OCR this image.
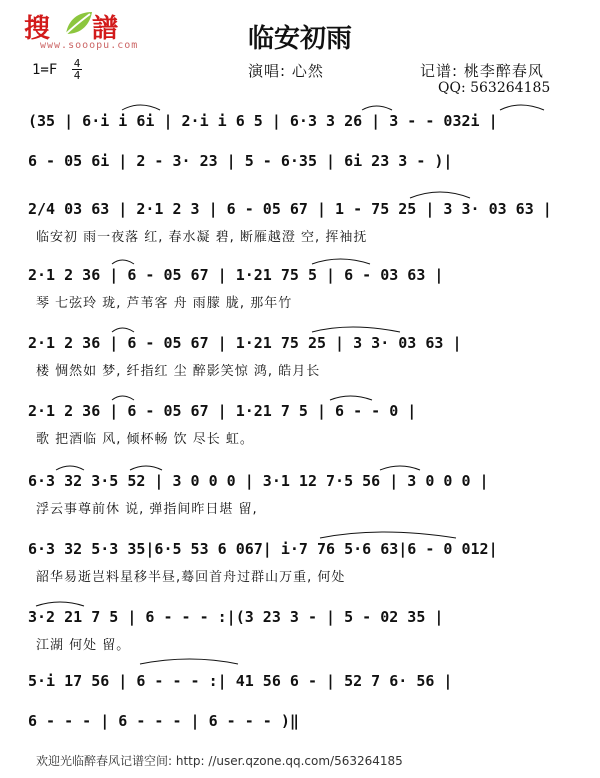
搜 譜
www.sooopu.com	临安初雨
1=F 4
4	演唱: 心然	记谱: 桃李醉春风
QQ: 563264185
(35 | 6·i i 6i | 2·i i 6 5 | 6·3 3 26 | 3 - - 032i |
6 - 05 6i | 2 - 3· 23 | 5 - 6·35 | 6i 23 3 - )|
2/4 03 63 | 2·1 2 3 | 6 - 05 67 | 1 - 75 25 | 3 3· 03 63 |
临安初 雨一夜落 红, 春水凝 碧, 断雁越澄 空, 挥袖抚
2·1 2 36 | 6 - 05 67 | 1·21 75 5 | 6 - 03 63 |
琴 七弦玲 珑, 芦苇客 舟 雨朦 胧, 那年竹
2·1 2 36 | 6 - 05 67 | 1·21 75 25 | 3 3· 03 63 |
楼 惆然如 梦, 纤指红 尘 醉影笑惊 鸿, 皓月长
2·1 2 36 | 6 - 05 67 | 1·21 7 5 | 6 - - 0 |
歌 把酒临 风, 倾杯畅 饮 尽长 虹。
6·3 32 3·5 52 | 3 0 0 0 | 3·1 12 7·5 56 | 3 0 0 0 |
浮云事尊前休 说, 弹指间昨日堪 留,
6·3 32 5·3 35|6·5 53 6 067| i·7 76 5·6 63|6 - 0 012|
韶华易逝岂料星移半昼,蓦回首舟过群山万重, 何处
3·2 21 7 5 | 6 - - - :|(3 23 3 - | 5 - 02 35 |
江湖 何处 留。
5·i 17 56 | 6 - - - :| 41 56 6 - | 52 7 6· 56 |
6 - - - | 6 - - - | 6 - - - )‖
欢迎光临醉春风记谱空间: http: //user.qzone.qq.com/563264185
